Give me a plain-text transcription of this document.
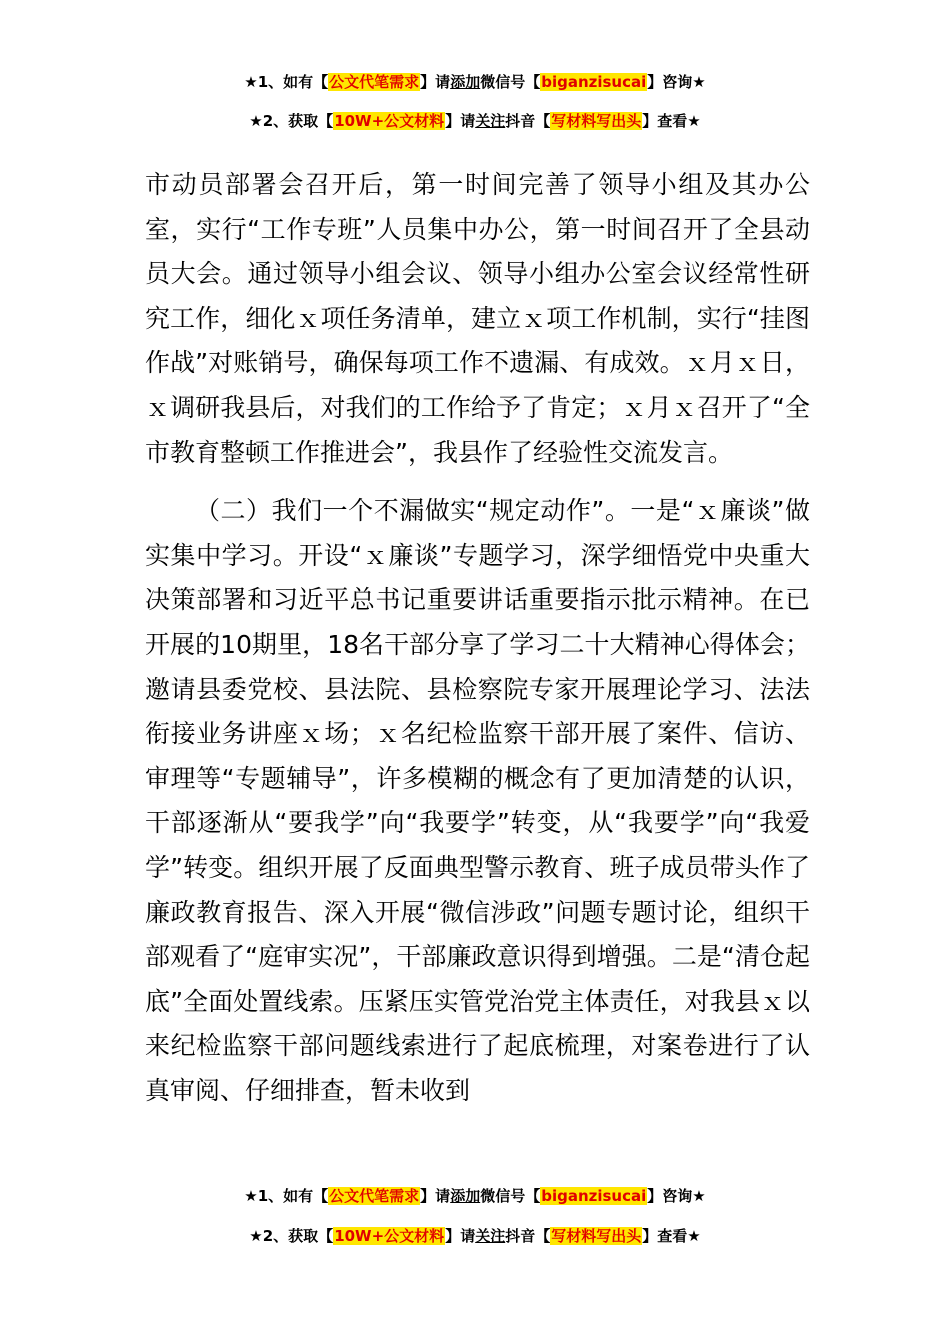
★1、如有【公文代笔需求】请添加微信号【biganzisucai】咨询★
★2、获取【10W+公文材料】请关注抖音【写材料写出头】查看★

市动员部署会召开后，第一时间完善了领导小组及其办公室，实行“工作专班”人员集中办公，第一时间召开了全县动员大会。通过领导小组会议、领导小组办公室会议经常性研究工作，细化ｘ项任务清单，建立ｘ项工作机制，实行“挂图作战”对账销号，确保每项工作不遗漏、有成效。ｘ月ｘ日，ｘ调研我县后，对我们的工作给予了肯定；ｘ月ｘ召开了“全市教育整顿工作推进会”，我县作了经验性交流发言。

（二）我们一个不漏做实“规定动作”。一是“ｘ廉谈”做实集中学习。开设“ｘ廉谈”专题学习，深学细悟党中央重大决策部署和习近平总书记重要讲话重要指示批示精神。在已开展的10期里，18名干部分享了学习二十大精神心得体会；邀请县委党校、县法院、县检察院专家开展理论学习、法法衔接业务讲座ｘ场；ｘ名纪检监察干部开展了案件、信访、审理等“专题辅导”，许多模糊的概念有了更加清楚的认识，干部逐渐从“要我学”向“我要学”转变，从“我要学”向“我爱学”转变。组织开展了反面典型警示教育、班子成员带头作了廉政教育报告、深入开展“微信涉政”问题专题讨论，组织干部观看了“庭审实况”，干部廉政意识得到增强。二是“清仓起底”全面处置线索。压紧压实管党治党主体责任，对我县ｘ以来纪检监察干部问题线索进行了起底梳理，对案卷进行了认真审阅、仔细排查，暂未收到

★1、如有【公文代笔需求】请添加微信号【biganzisucai】咨询★
★2、获取【10W+公文材料】请关注抖音【写材料写出头】查看★
